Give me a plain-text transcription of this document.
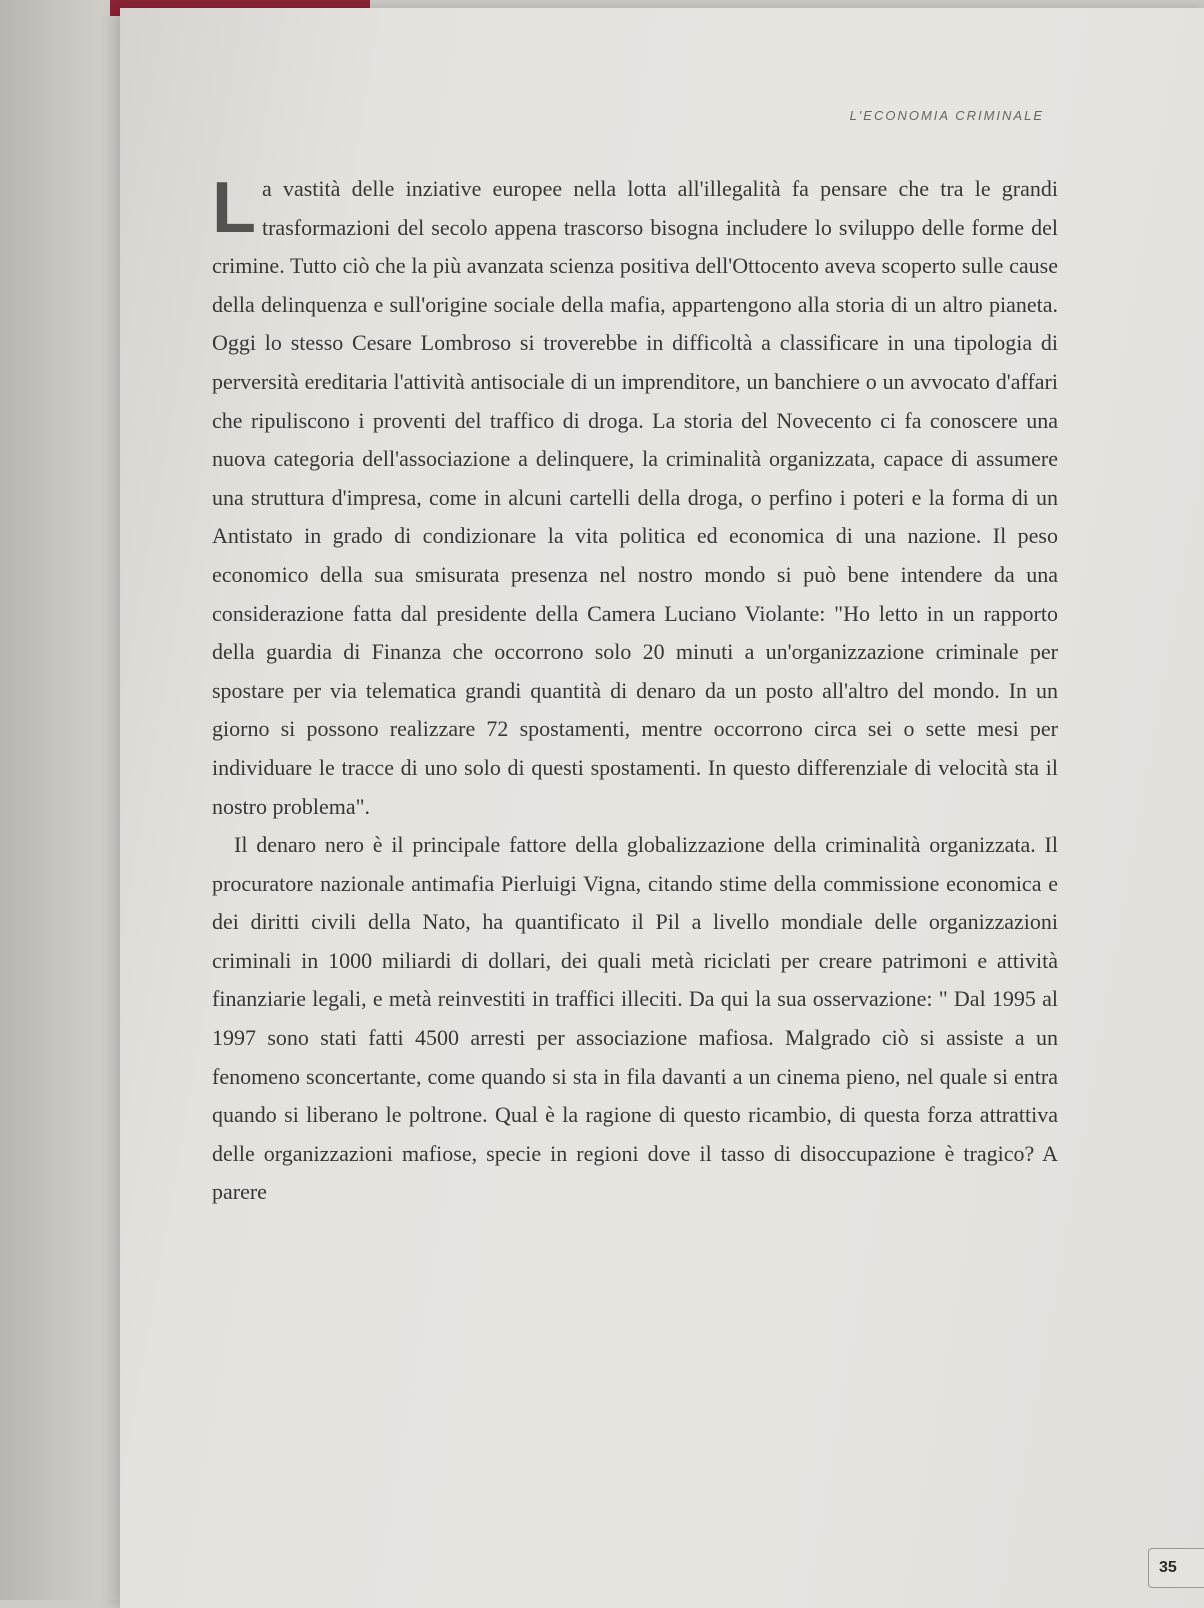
L'ECONOMIA CRIMINALE

La vastità delle inziative europee nella lotta all'illegalità fa pensare che tra le grandi trasformazioni del secolo appena trascorso bisogna includere lo sviluppo delle forme del crimine. Tutto ciò che la più avanzata scienza positiva dell'Ottocento aveva scoperto sulle cause della delinquenza e sull'origine sociale della mafia, appartengono alla storia di un altro pianeta. Oggi lo stesso Cesare Lombroso si troverebbe in difficoltà a classificare in una tipologia di perversità ereditaria l'attività antisociale di un imprenditore, un banchiere o un avvocato d'affari che ripuliscono i proventi del traffico di droga. La storia del Novecento ci fa conoscere una nuova categoria dell'associazione a delinquere, la criminalità organizzata, capace di assumere una struttura d'impresa, come in alcuni cartelli della droga, o perfino i poteri e la forma di un Antistato in grado di condizionare la vita politica ed economica di una nazione. Il peso economico della sua smisurata presenza nel nostro mondo si può bene intendere da una considerazione fatta dal presidente della Camera Luciano Violante: "Ho letto in un rapporto della guardia di Finanza che occorrono solo 20 minuti a un'organizzazione criminale per spostare per via telematica grandi quantità di denaro da un posto all'altro del mondo. In un giorno si possono realizzare 72 spostamenti, mentre occorrono circa sei o sette mesi per individuare le tracce di uno solo di questi spostamenti. In questo differenziale di velocità sta il nostro problema".

Il denaro nero è il principale fattore della globalizzazione della criminalità organizzata. Il procuratore nazionale antimafia Pierluigi Vigna, citando stime della commissione economica e dei diritti civili della Nato, ha quantificato il Pil a livello mondiale delle organizzazioni criminali in 1000 miliardi di dollari, dei quali metà riciclati per creare patrimoni e attività finanziarie legali, e metà reinvestiti in traffici illeciti. Da qui la sua osservazione: " Dal 1995 al 1997 sono stati fatti 4500 arresti per associazione mafiosa. Malgrado ciò si assiste a un fenomeno sconcertante, come quando si sta in fila davanti a un cinema pieno, nel quale si entra quando si liberano le poltrone. Qual è la ragione di questo ricambio, di questa forza attrattiva delle organizzazioni mafiose, specie in regioni dove il tasso di disoccupazione è tragico? A parere

35
